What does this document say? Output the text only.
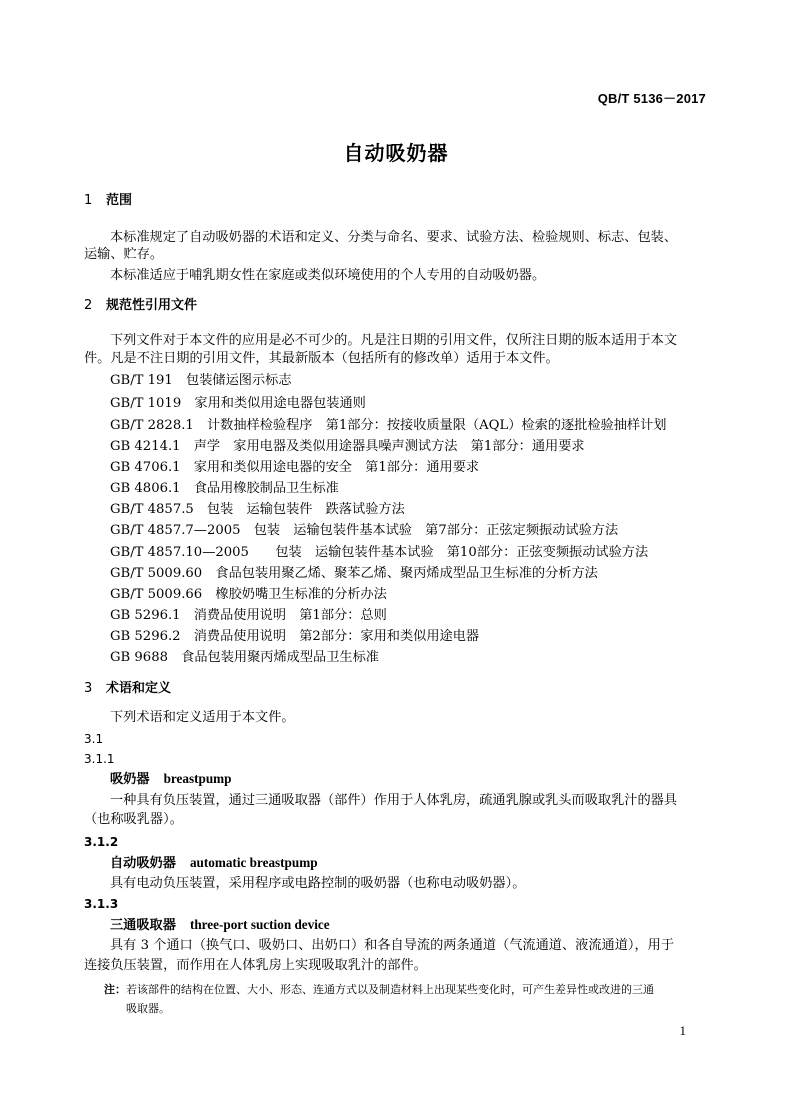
QB/T 5136－2017
自动吸奶器
1 范围
本标准规定了自动吸奶器的术语和定义、分类与命名、要求、试验方法、检验规则、标志、包装、
运输、贮存。
本标准适应于哺乳期女性在家庭或类似环境使用的个人专用的自动吸奶器。
2 规范性引用文件
下列文件对于本文件的应用是必不可少的。凡是注日期的引用文件，仅所注日期的版本适用于本文
件。凡是不注日期的引用文件，其最新版本（包括所有的修改单）适用于本文件。
GB/T 191　包装储运图示标志
GB/T 1019　家用和类似用途电器包装通则
GB/T 2828.1　计数抽样检验程序　第1部分：按接收质量限（AQL）检索的逐批检验抽样计划
GB 4214.1　声学　家用电器及类似用途器具噪声测试方法　第1部分：通用要求
GB 4706.1　家用和类似用途电器的安全　第1部分：通用要求
GB 4806.1　食品用橡胶制品卫生标准
GB/T 4857.5　包装　运输包装件　跌落试验方法
GB/T 4857.7—2005　包装　运输包装件基本试验　第7部分：正弦定频振动试验方法
GB/T 4857.10—2005　　包装　运输包装件基本试验　第10部分：正弦变频振动试验方法
GB/T 5009.60　食品包装用聚乙烯、聚苯乙烯、聚丙烯成型品卫生标准的分析方法
GB/T 5009.66　橡胶奶嘴卫生标准的分析办法
GB 5296.1　消费品使用说明　第1部分：总则
GB 5296.2　消费品使用说明　第2部分：家用和类似用途电器
GB 9688　食品包装用聚丙烯成型品卫生标准
3 术语和定义
下列术语和定义适用于本文件。
3.1
3.1.1
吸奶器 breastpump
一种具有负压装置，通过三通吸取器（部件）作用于人体乳房，疏通乳腺或乳头而吸取乳汁的器具
（也称吸乳器）。
3.1.2
自动吸奶器 automatic breastpump
具有电动负压装置，采用程序或电路控制的吸奶器（也称电动吸奶器）。
3.1.3
三通吸取器 three-port suction device
具有 3 个通口（换气口、吸奶口、出奶口）和各自导流的两条通道（气流通道、液流通道），用于
连接负压装置，而作用在人体乳房上实现吸取乳汁的部件。
注：若该部件的结构在位置、大小、形态、连通方式以及制造材料上出现某些变化时，可产生差异性或改进的三通
吸取器。
1
